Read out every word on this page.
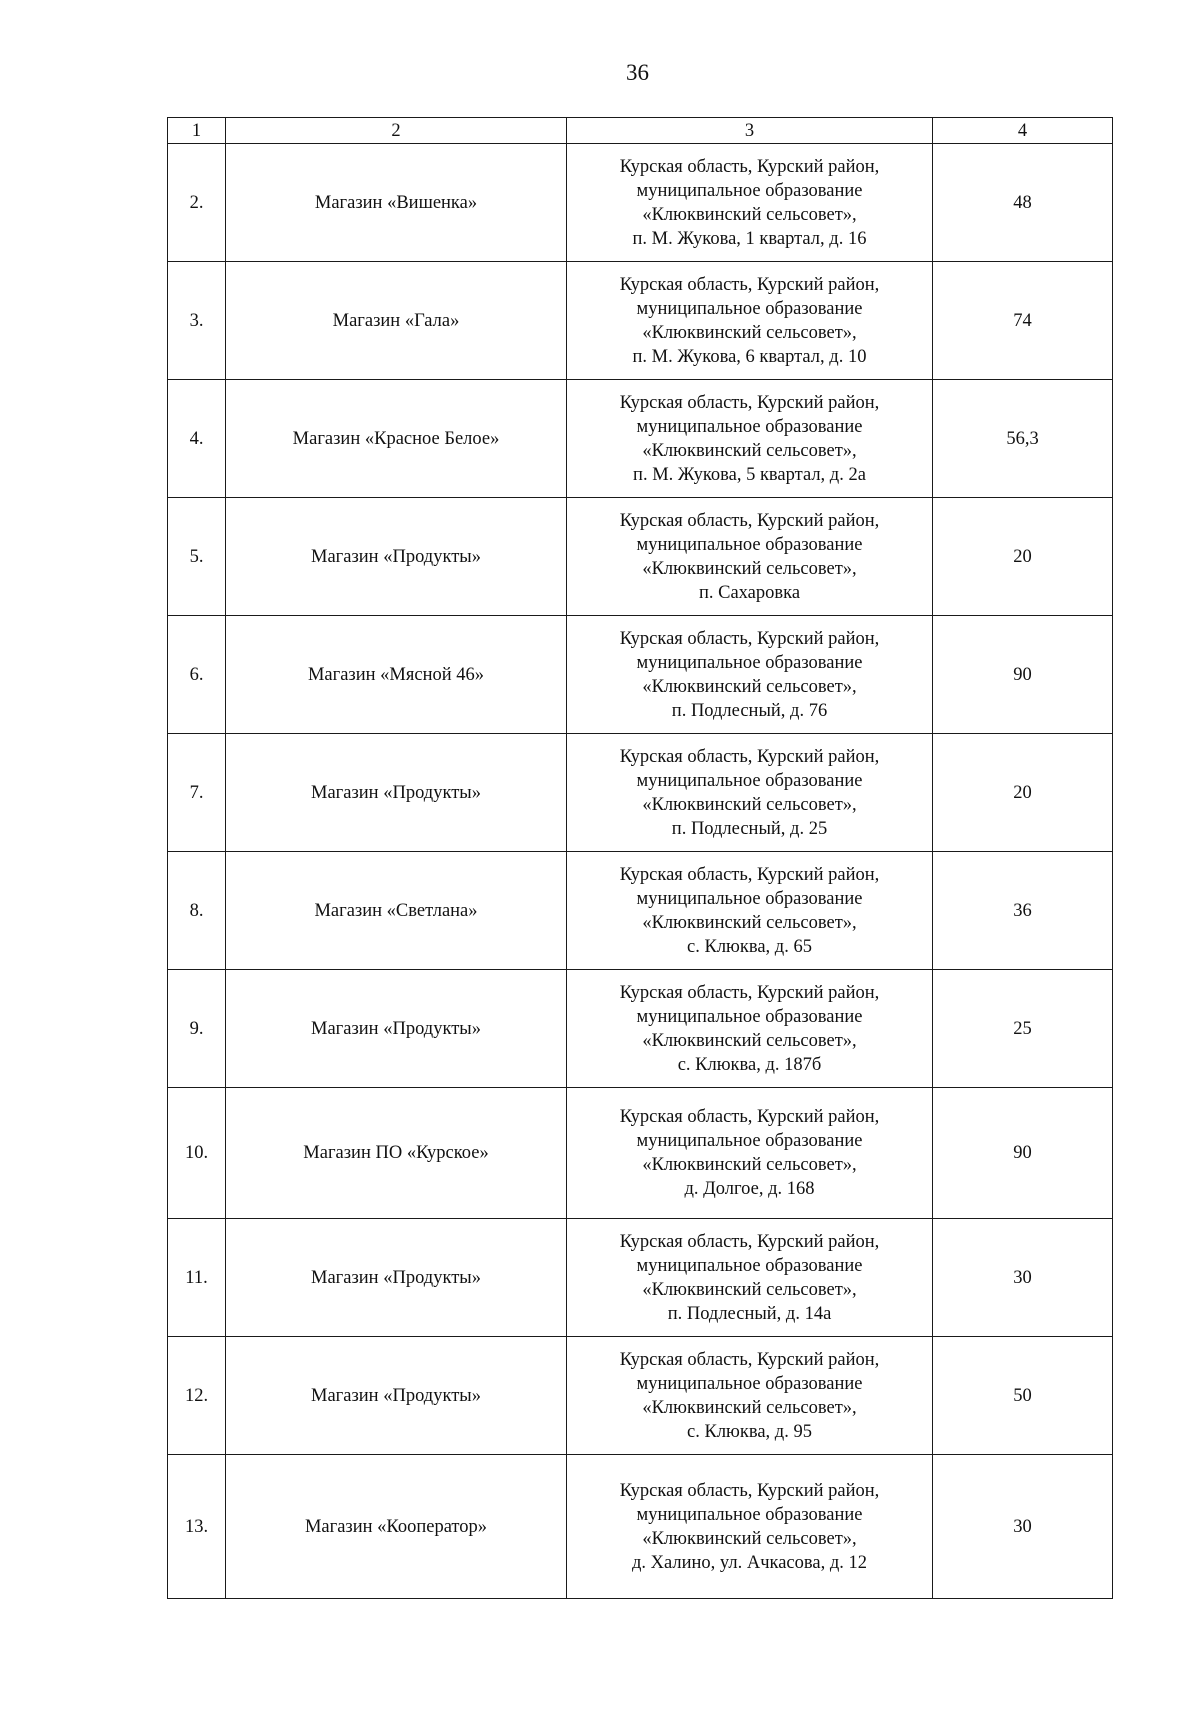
36
1	2	3	4
2.	Магазин «Вишенка»	Курская область, Курский район,
муниципальное образование
«Клюквинский сельсовет»,
п. М. Жукова, 1 квартал, д. 16	48
3.	Магазин «Гала»	Курская область, Курский район,
муниципальное образование
«Клюквинский сельсовет»,
п. М. Жукова, 6 квартал, д. 10	74
4.	Магазин «Красное Белое»	Курская область, Курский район,
муниципальное образование
«Клюквинский сельсовет»,
п. М. Жукова, 5 квартал, д. 2а	56,3
5.	Магазин «Продукты»	Курская область, Курский район,
муниципальное образование
«Клюквинский сельсовет»,
п. Сахаровка	20
6.	Магазин «Мясной 46»	Курская область, Курский район,
муниципальное образование
«Клюквинский сельсовет»,
п. Подлесный, д. 76	90
7.	Магазин «Продукты»	Курская область, Курский район,
муниципальное образование
«Клюквинский сельсовет»,
п. Подлесный, д. 25	20
8.	Магазин «Светлана»	Курская область, Курский район,
муниципальное образование
«Клюквинский сельсовет»,
с. Клюква, д. 65	36
9.	Магазин «Продукты»	Курская область, Курский район,
муниципальное образование
«Клюквинский сельсовет»,
с. Клюква, д. 187б	25
10.	Магазин ПО «Курское»	Курская область, Курский район,
муниципальное образование
«Клюквинский сельсовет»,
д. Долгое, д. 168	90
11.	Магазин «Продукты»	Курская область, Курский район,
муниципальное образование
«Клюквинский сельсовет»,
п. Подлесный, д. 14а	30
12.	Магазин «Продукты»	Курская область, Курский район,
муниципальное образование
«Клюквинский сельсовет»,
с. Клюква, д. 95	50
13.	Магазин «Кооператор»	Курская область, Курский район,
муниципальное образование
«Клюквинский сельсовет»,
д. Халино, ул. Ачкасова, д. 12	30
